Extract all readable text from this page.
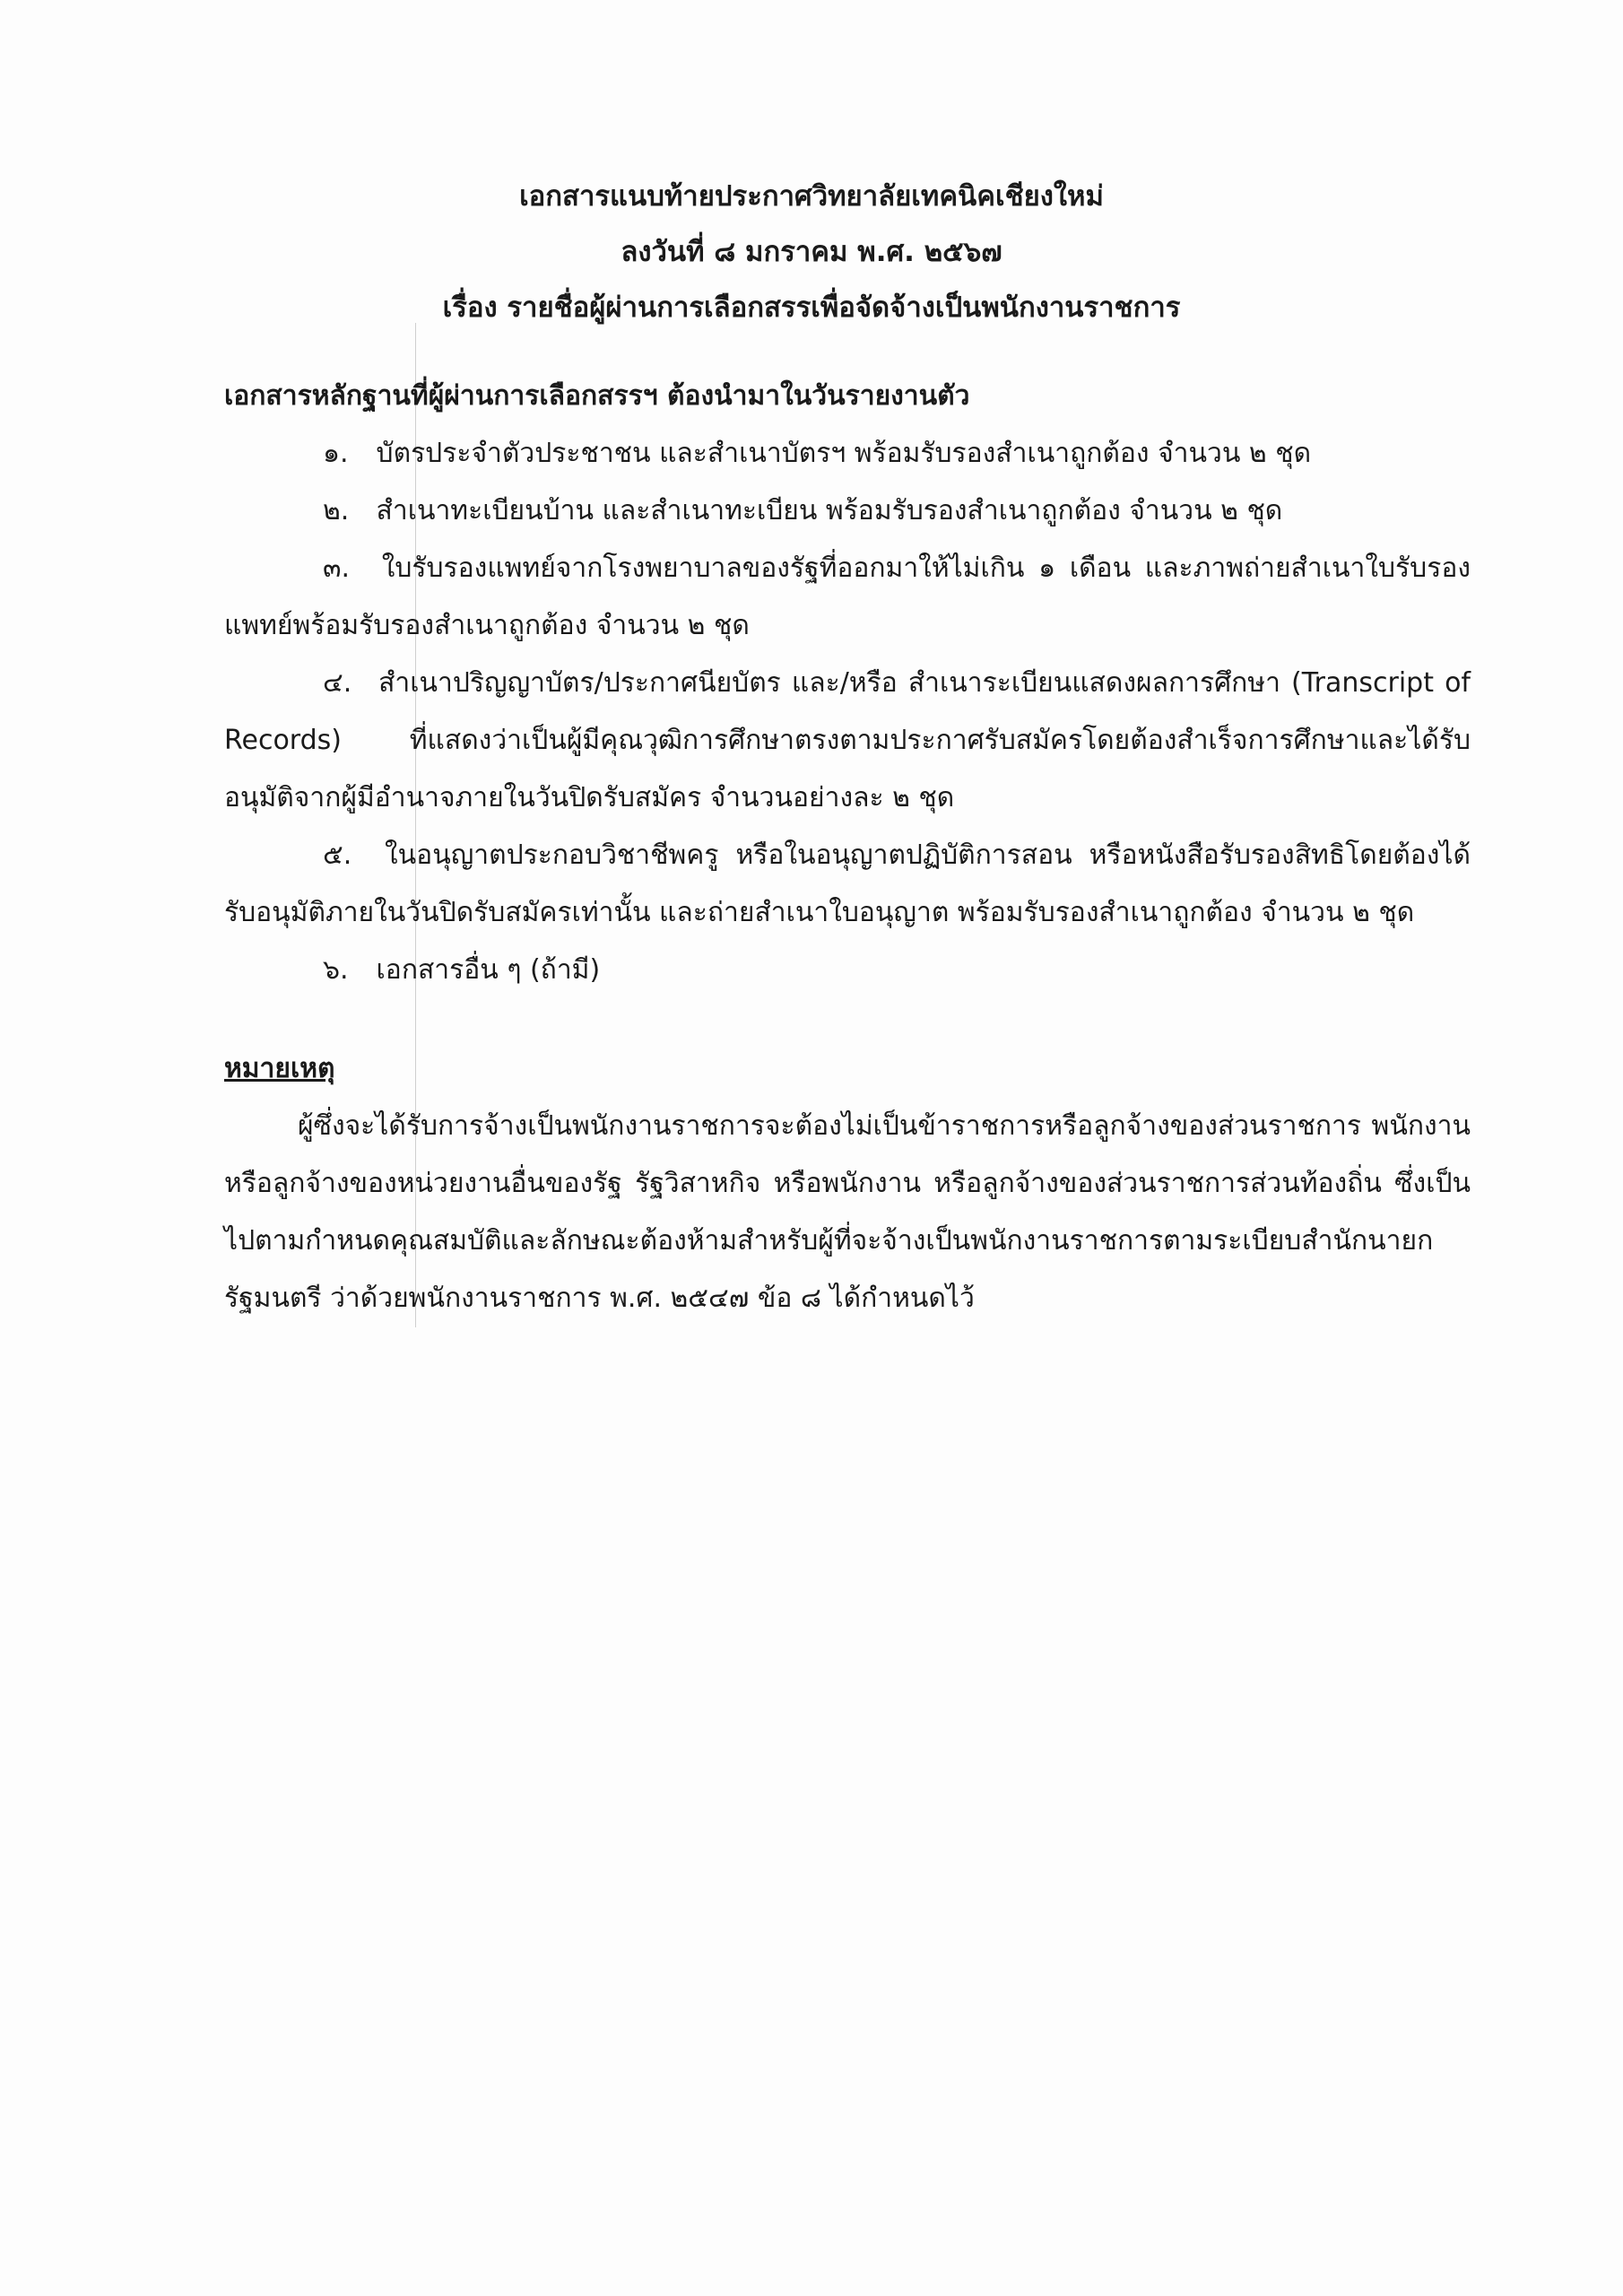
เอกสารแนบท้ายประกาศวิทยาลัยเทคนิคเชียงใหม่
ลงวันที่ ๘ มกราคม พ.ศ. ๒๕๖๗
เรื่อง รายชื่อผู้ผ่านการเลือกสรรเพื่อจัดจ้างเป็นพนักงานราชการ
เอกสารหลักฐานที่ผู้ผ่านการเลือกสรรฯ ต้องนำมาในวันรายงานตัว
๑. บัตรประจำตัวประชาชน และสำเนาบัตรฯ พร้อมรับรองสำเนาถูกต้อง จำนวน ๒ ชุด
๒. สำเนาทะเบียนบ้าน และสำเนาทะเบียน พร้อมรับรองสำเนาถูกต้อง จำนวน ๒ ชุด
๓. ใบรับรองแพทย์จากโรงพยาบาลของรัฐที่ออกมาให้ไม่เกิน ๑ เดือน และภาพถ่ายสำเนาใบรับรองแพทย์พร้อมรับรองสำเนาถูกต้อง จำนวน ๒ ชุด
๔. สำเนาปริญญาบัตร/ประกาศนียบัตร และ/หรือ สำเนาระเบียนแสดงผลการศึกษา (Transcript of Records) ที่แสดงว่าเป็นผู้มีคุณวุฒิการศึกษาตรงตามประกาศรับสมัครโดยต้องสำเร็จการศึกษาและได้รับอนุมัติจากผู้มีอำนาจภายในวันปิดรับสมัคร จำนวนอย่างละ ๒ ชุด
๕. ในอนุญาตประกอบวิชาชีพครู หรือในอนุญาตปฏิบัติการสอน หรือหนังสือรับรองสิทธิโดยต้องได้รับอนุมัติภายในวันปิดรับสมัครเท่านั้น และถ่ายสำเนาใบอนุญาต พร้อมรับรองสำเนาถูกต้อง จำนวน ๒ ชุด
๖. เอกสารอื่น ๆ (ถ้ามี)
หมายเหตุ
ผู้ซึ่งจะได้รับการจ้างเป็นพนักงานราชการจะต้องไม่เป็นข้าราชการหรือลูกจ้างของส่วนราชการ พนักงาน หรือลูกจ้างของหน่วยงานอื่นของรัฐ รัฐวิสาหกิจ หรือพนักงาน หรือลูกจ้างของส่วนราชการส่วนท้องถิ่น ซึ่งเป็นไปตามกำหนดคุณสมบัติและลักษณะต้องห้ามสำหรับผู้ที่จะจ้างเป็นพนักงานราชการตามระเบียบสำนักนายกรัฐมนตรี ว่าด้วยพนักงานราชการ พ.ศ. ๒๕๔๗ ข้อ ๘ ได้กำหนดไว้
